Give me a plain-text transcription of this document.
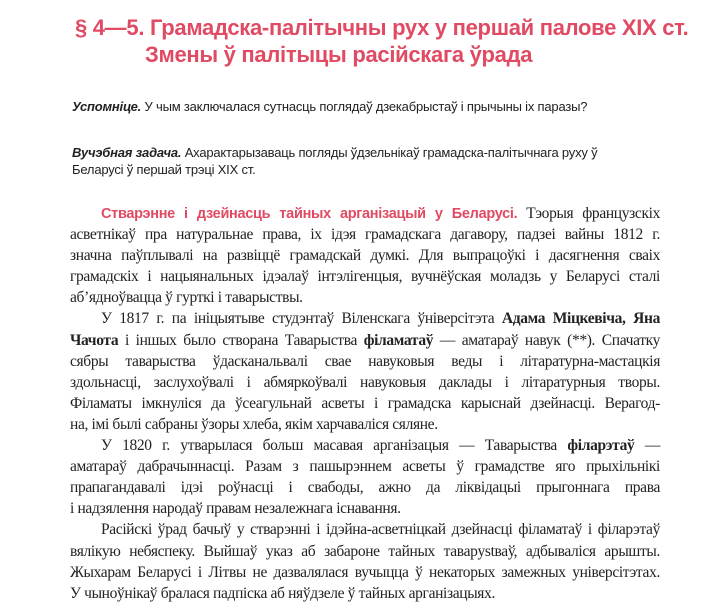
§ 4—5. Грамадска-палітычны рух у першай палове XIX ст.
Змены ў палітыцы расійскага ўрада
Успомніце. У чым заключалася сутнасць поглядаў дзекабрыстаў і прычыны іх паразы?
Вучэбная задача. Ахарактарызаваць погляды ўдзельнікаў грамадска-палітычнага руху ў Беларусі ў першай трэці XIX ст.
Стварэнне і дзейнасць тайных арганізацый у Беларусі. Тэорыя французскіх
асветнікаў пра натуральнае права, іх ідэя грамадскага дагавору, падзеі вайны 1812 г.
значна паўплывалі на развіццё грамадскай думкі. Для выпрацоўкі і дасягнення сваіх
грамадскіх і нацыянальных ідэалаў інтэлігенцыя, вучнёўская моладзь у Беларусі сталі
аб’ядноўвацца ў гурткі і таварыствы.
У 1817 г. па ініцыятыве студэнтаў Віленскага ўніверсітэта Адама Міцкевіча, Яна
Чачота і іншых было створана Таварыства філаматаў — аматараў навук (**). Спачатку
сябры таварыства ўдасканальвалі свае навуковыя веды і літаратурна-мастацкія
здольнасці, заслухоўвалі і абмяркоўвалі навуковыя даклады і літаратурныя творы.
Філаматы імкнуліся да ўсеагульнай асветы і грамадска карыснай дзейнасці. Верагод-
на, імі былі сабраны ўзоры хлеба, якім харчаваліся сяляне.
У 1820 г. утварылася больш масавая арганізацыя — Таварыства філарэтаў —
аматараў дабрачыннасці. Разам з пашырэннем асветы ў грамадстве яго прыхільнікі
прапагандавалі ідэі роўнасці і свабоды, ажно да ліквідацыі прыгоннага права
і надзялення народаў правам незалежнага існавання.
Расійскі ўрад бачыў у стварэнні і ідэйна-асветніцкай дзейнасці філаматаў і філарэтаў
вялікую небяспеку. Выйшаў указ аб забароне тайных таварystваў, адбываліся арышты.
Жыхарам Беларусі і Літвы не дазвалялася вучыцца ў некаторых замежных універсітэтах.
У чыноўнікаў бралася падпіска аб няўдзеле ў тайных арганізацыях.
